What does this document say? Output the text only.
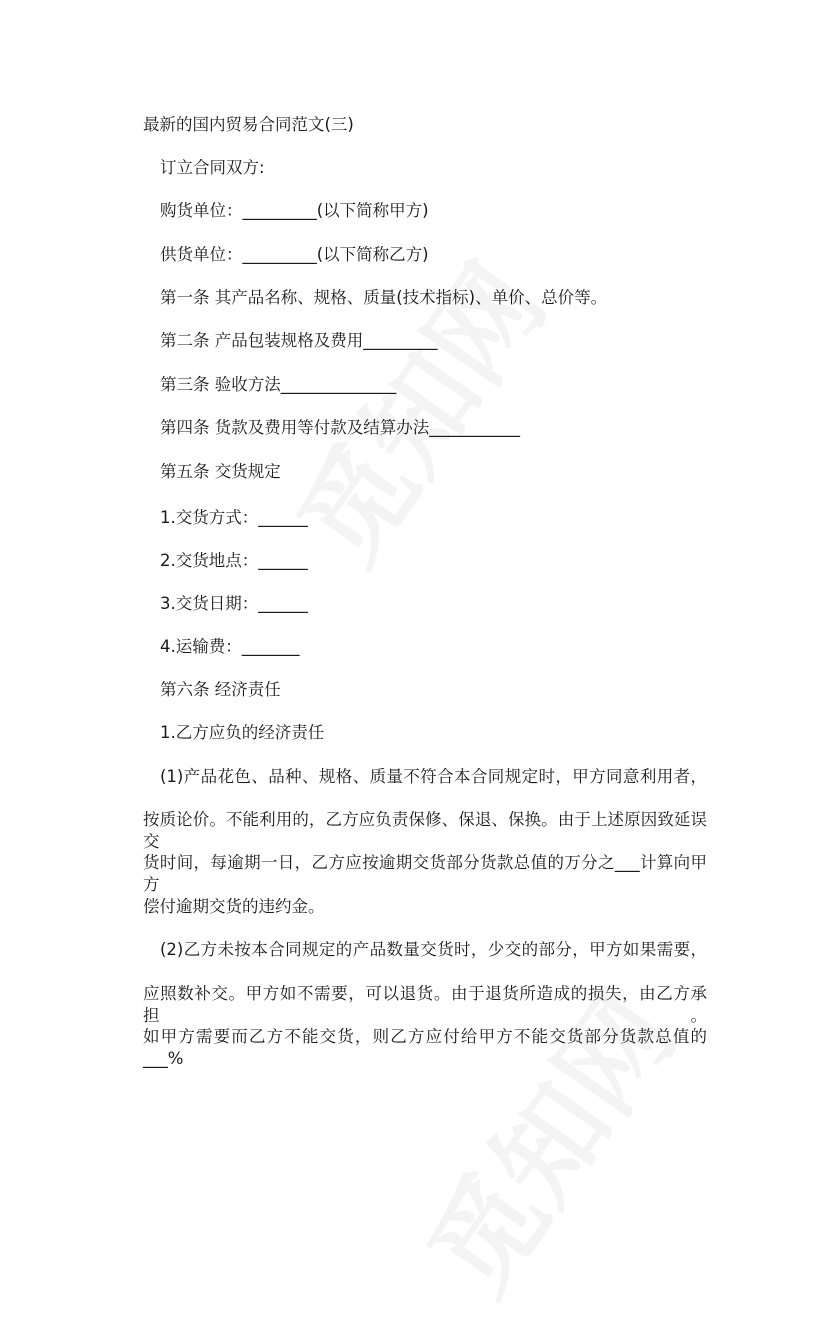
最新的国内贸易合同范文(三)
订立合同双方:
购货单位：_________(以下简称甲方)
供货单位：_________(以下简称乙方)
第一条 其产品名称、规格、质量(技术指标)、单价、总价等。
第二条 产品包装规格及费用_________
第三条 验收方法______________
第四条 货款及费用等付款及结算办法___________
第五条 交货规定
1.交货方式：______
2.交货地点：______
3.交货日期：______
4.运输费：_______
第六条 经济责任
1.乙方应负的经济责任
(1)产品花色、品种、规格、质量不符合本合同规定时，甲方同意利用者，
按质论价。不能利用的，乙方应负责保修、保退、保换。由于上述原因致延误交
货时间，每逾期一日，乙方应按逾期交货部分货款总值的万分之___计算向甲方
偿付逾期交货的违约金。
(2)乙方未按本合同规定的产品数量交货时，少交的部分，甲方如果需要，
应照数补交。甲方如不需要，可以退货。由于退货所造成的损失，由乙方承担。
如甲方需要而乙方不能交货，则乙方应付给甲方不能交货部分货款总值的___%
